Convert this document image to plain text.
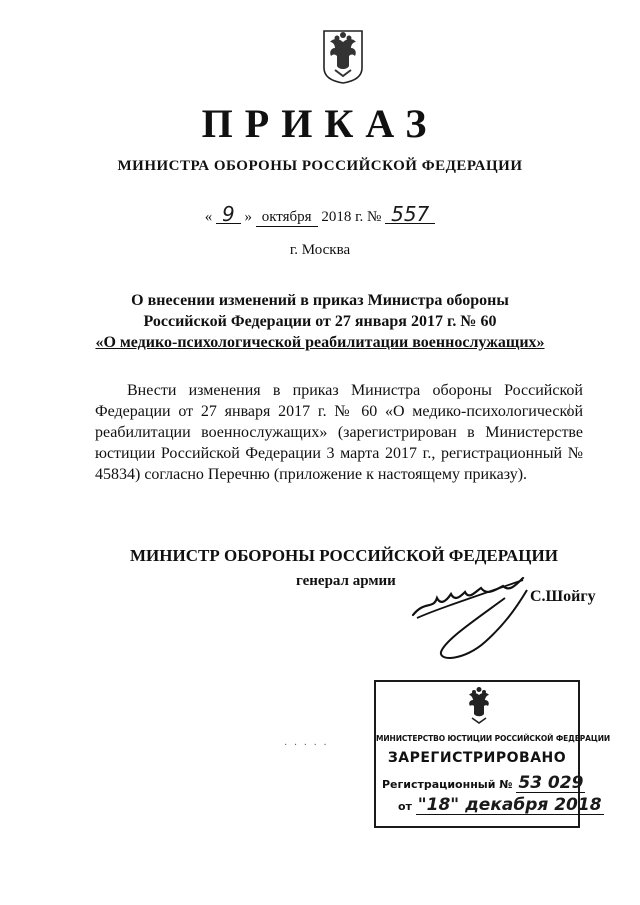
ПРИКАЗ
МИНИСТРА ОБОРОНЫ РОССИЙСКОЙ ФЕДЕРАЦИИ
« 9 » октября 2018 г. № 557
г. Москва
О внесении изменений в приказ Министра обороны
Российской Федерации от 27 января 2017 г. № 60
«О медико-психологической реабилитации военнослужащих»
Внести изменения в приказ Министра обороны Российской Федерации от 27 января 2017 г. № 60 «О медико-психологической реабилитации военнослужащих» (зарегистрирован в Министерстве юстиции Российской Федерации 3 марта 2017 г., регистрационный № 45834) согласно Перечню (приложение к настоящему приказу).
МИНИСТР ОБОРОНЫ РОССИЙСКОЙ ФЕДЕРАЦИИ
генерал армии
С.Шойгу
· · · · ·
МИНИСТЕРСТВО ЮСТИЦИИ РОССИЙСКОЙ ФЕДЕРАЦИИ
ЗАРЕГИСТРИРОВАНО
Регистрационный № 53 029
от "18" декабря 2018
